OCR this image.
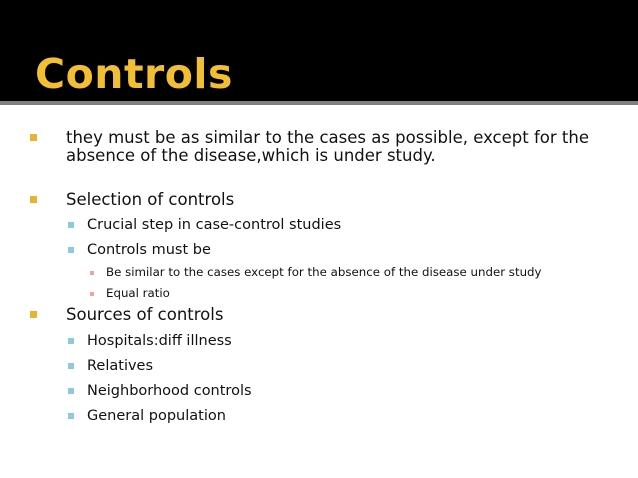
Controls
they must be as similar to the cases as possible, except for the
absence of the disease,which is under study.
Selection of controls
Crucial step in case-control studies
Controls must be
Be similar to the cases except for the absence of the disease under study
Equal ratio
Sources of controls
Hospitals:diff illness
Relatives
Neighborhood controls
General population
